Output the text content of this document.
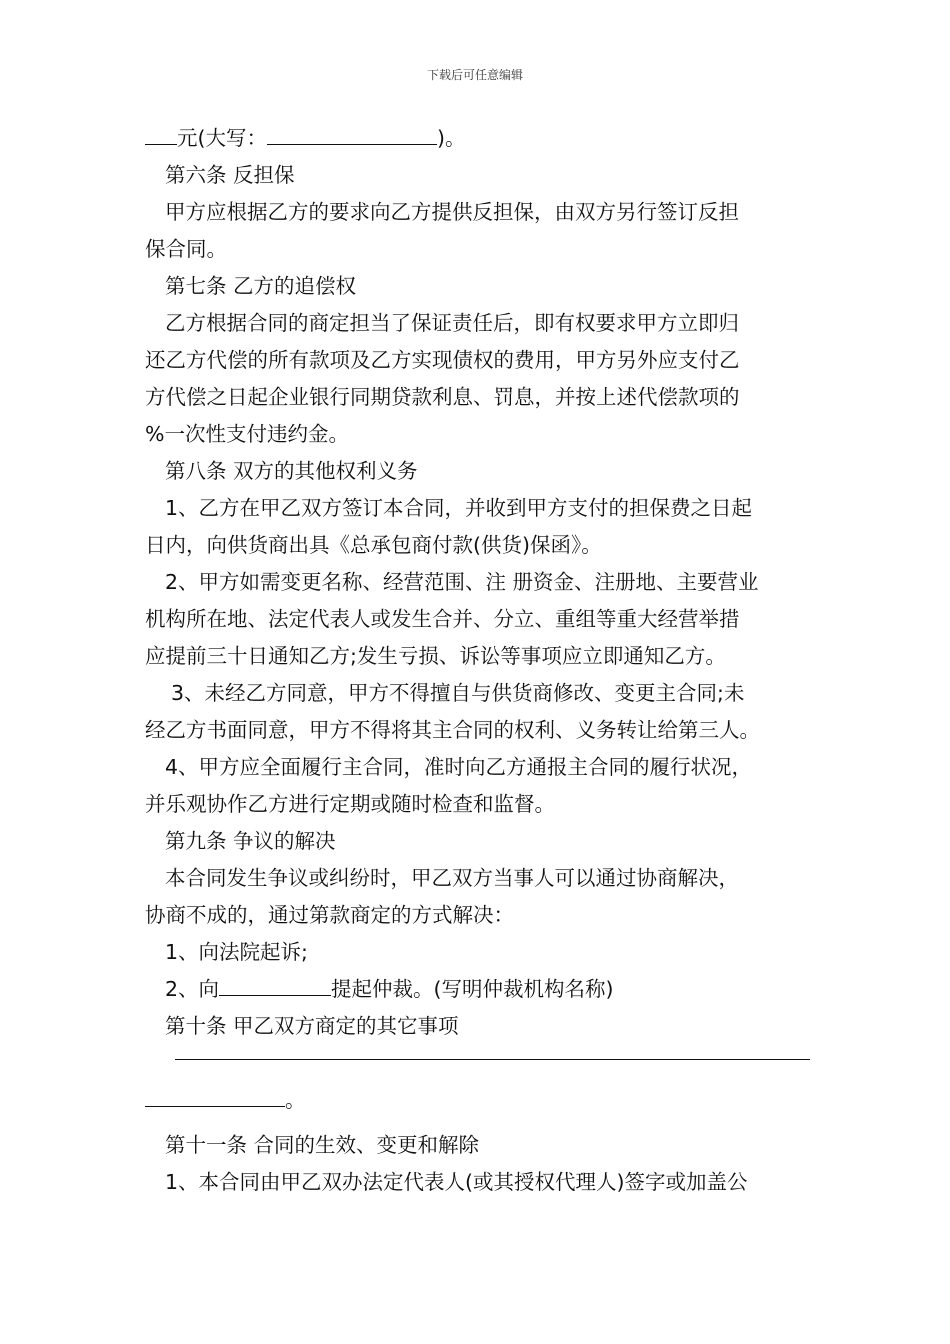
下载后可任意编辑
元(大写：	)。
第六条 反担保
甲方应根据乙方的要求向乙方提供反担保，由双方另行签订反担
保合同。
第七条 乙方的追偿权
乙方根据合同的商定担当了保证责任后，即有权要求甲方立即归
还乙方代偿的所有款项及乙方实现债权的费用，甲方另外应支付乙
方代偿之日起企业银行同期贷款利息、罚息，并按上述代偿款项的
%一次性支付违约金。
第八条 双方的其他权利义务
1、乙方在甲乙双方签订本合同，并收到甲方支付的担保费之日起
日内，向供货商出具《总承包商付款(供货)保函》。
2、甲方如需变更名称、经营范围、注 册资金、注册地、主要营业
机构所在地、法定代表人或发生合并、分立、重组等重大经营举措
应提前三十日通知乙方;发生亏损、诉讼等事项应立即通知乙方。
3、未经乙方同意，甲方不得擅自与供货商修改、变更主合同;未
经乙方书面同意，甲方不得将其主合同的权利、义务转让给第三人。
4、甲方应全面履行主合同，准时向乙方通报主合同的履行状况，
并乐观协作乙方进行定期或随时检查和监督。
第九条 争议的解决
本合同发生争议或纠纷时，甲乙双方当事人可以通过协商解决，
协商不成的，通过第款商定的方式解决：
1、向法院起诉;
2、向	提起仲裁。(写明仲裁机构名称)
第十条 甲乙双方商定的其它事项
。
第十一条 合同的生效、变更和解除
1、本合同由甲乙双办法定代表人(或其授权代理人)签字或加盖公
